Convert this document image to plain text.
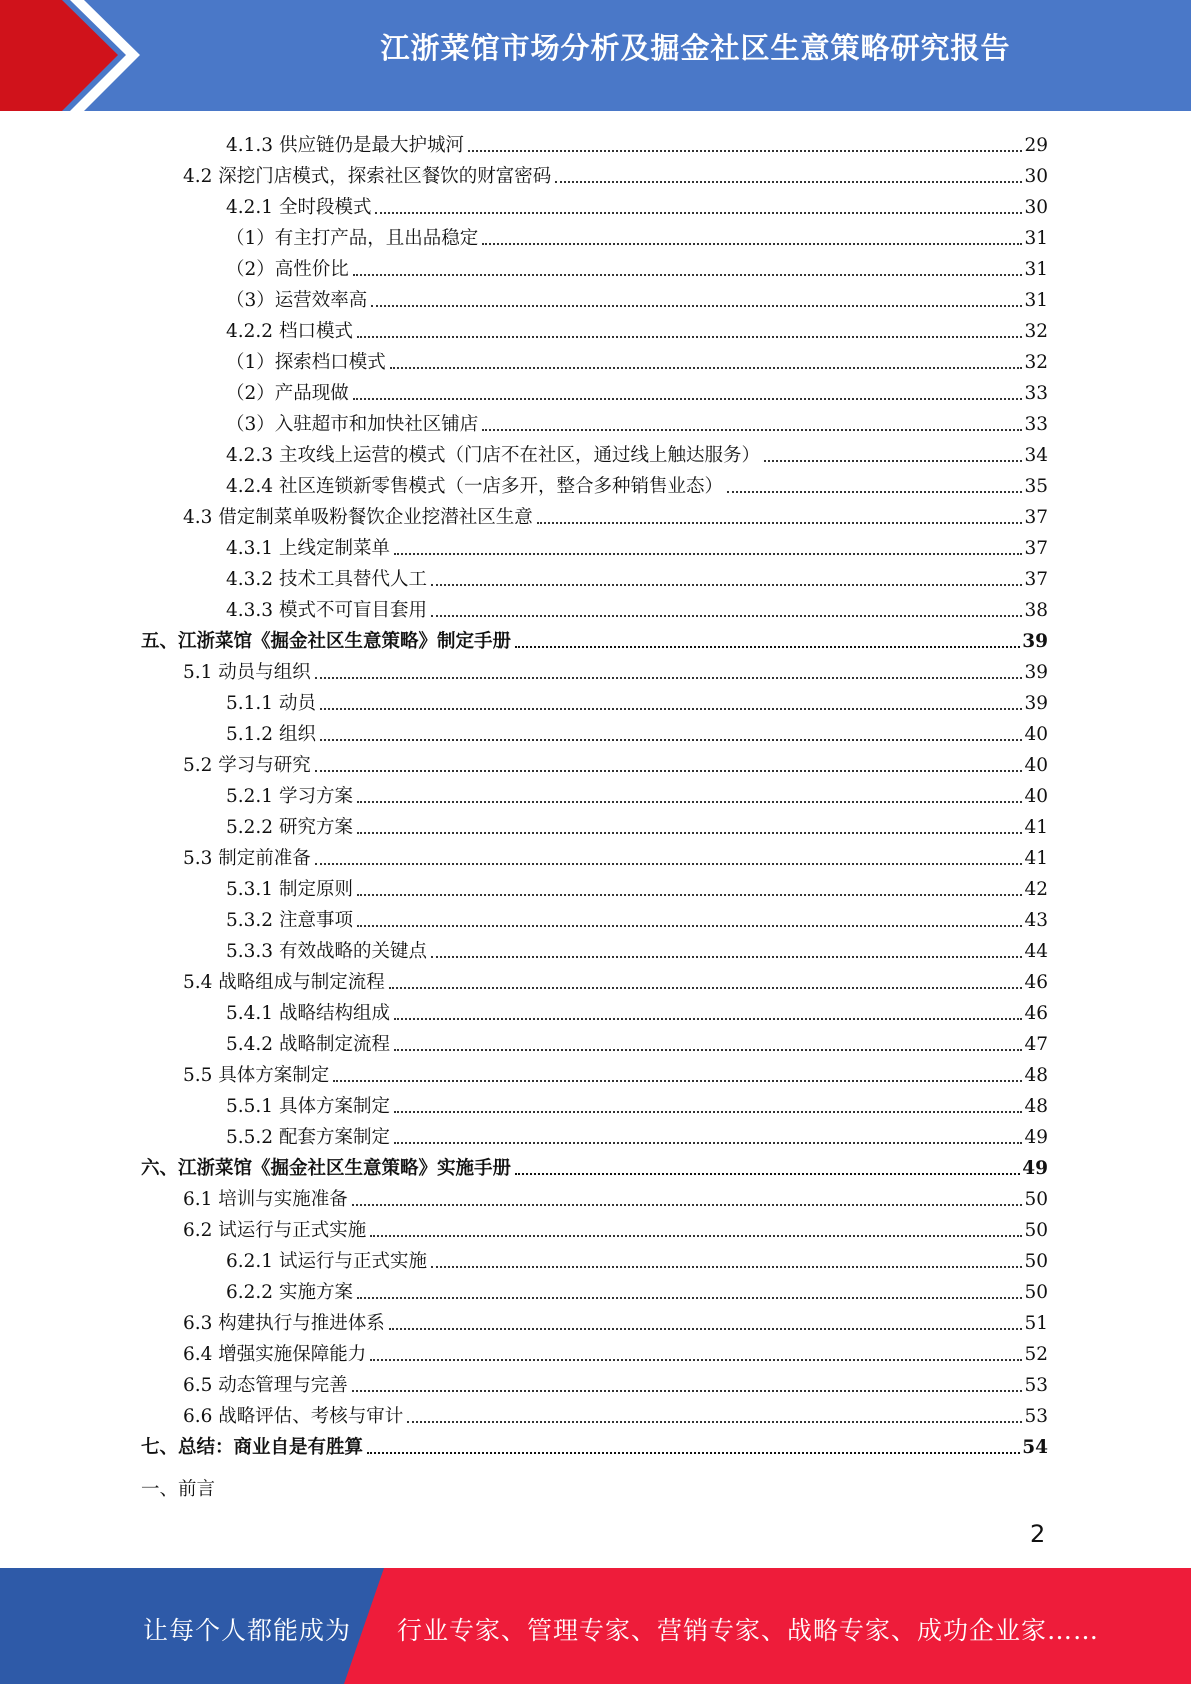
江浙菜馆市场分析及掘金社区生意策略研究报告
4.1.3 供应链仍是最大护城河	29
4.2 深挖门店模式，探索社区餐饮的财富密码	30
4.2.1 全时段模式	30
（1）有主打产品，且出品稳定	31
（2）高性价比	31
（3）运营效率高	31
4.2.2 档口模式	32
（1）探索档口模式	32
（2）产品现做	33
（3）入驻超市和加快社区铺店	33
4.2.3 主攻线上运营的模式（门店不在社区，通过线上触达服务）	34
4.2.4 社区连锁新零售模式（一店多开，整合多种销售业态）	35
4.3 借定制菜单吸粉餐饮企业挖潜社区生意	37
4.3.1 上线定制菜单	37
4.3.2 技术工具替代人工	37
4.3.3 模式不可盲目套用	38
五、江浙菜馆《掘金社区生意策略》制定手册	39
5.1 动员与组织	39
5.1.1 动员	39
5.1.2 组织	40
5.2 学习与研究	40
5.2.1 学习方案	40
5.2.2 研究方案	41
5.3 制定前准备	41
5.3.1 制定原则	42
5.3.2 注意事项	43
5.3.3 有效战略的关键点	44
5.4 战略组成与制定流程	46
5.4.1 战略结构组成	46
5.4.2 战略制定流程	47
5.5 具体方案制定	48
5.5.1 具体方案制定	48
5.5.2 配套方案制定	49
六、江浙菜馆《掘金社区生意策略》实施手册	49
6.1 培训与实施准备	50
6.2 试运行与正式实施	50
6.2.1 试运行与正式实施	50
6.2.2 实施方案	50
6.3 构建执行与推进体系	51
6.4 增强实施保障能力	52
6.5 动态管理与完善	53
6.6 战略评估、考核与审计	53
七、总结：商业自是有胜算	54
一、前言
2
让每个人都能成为 行业专家、管理专家、营销专家、战略专家、成功企业家……
